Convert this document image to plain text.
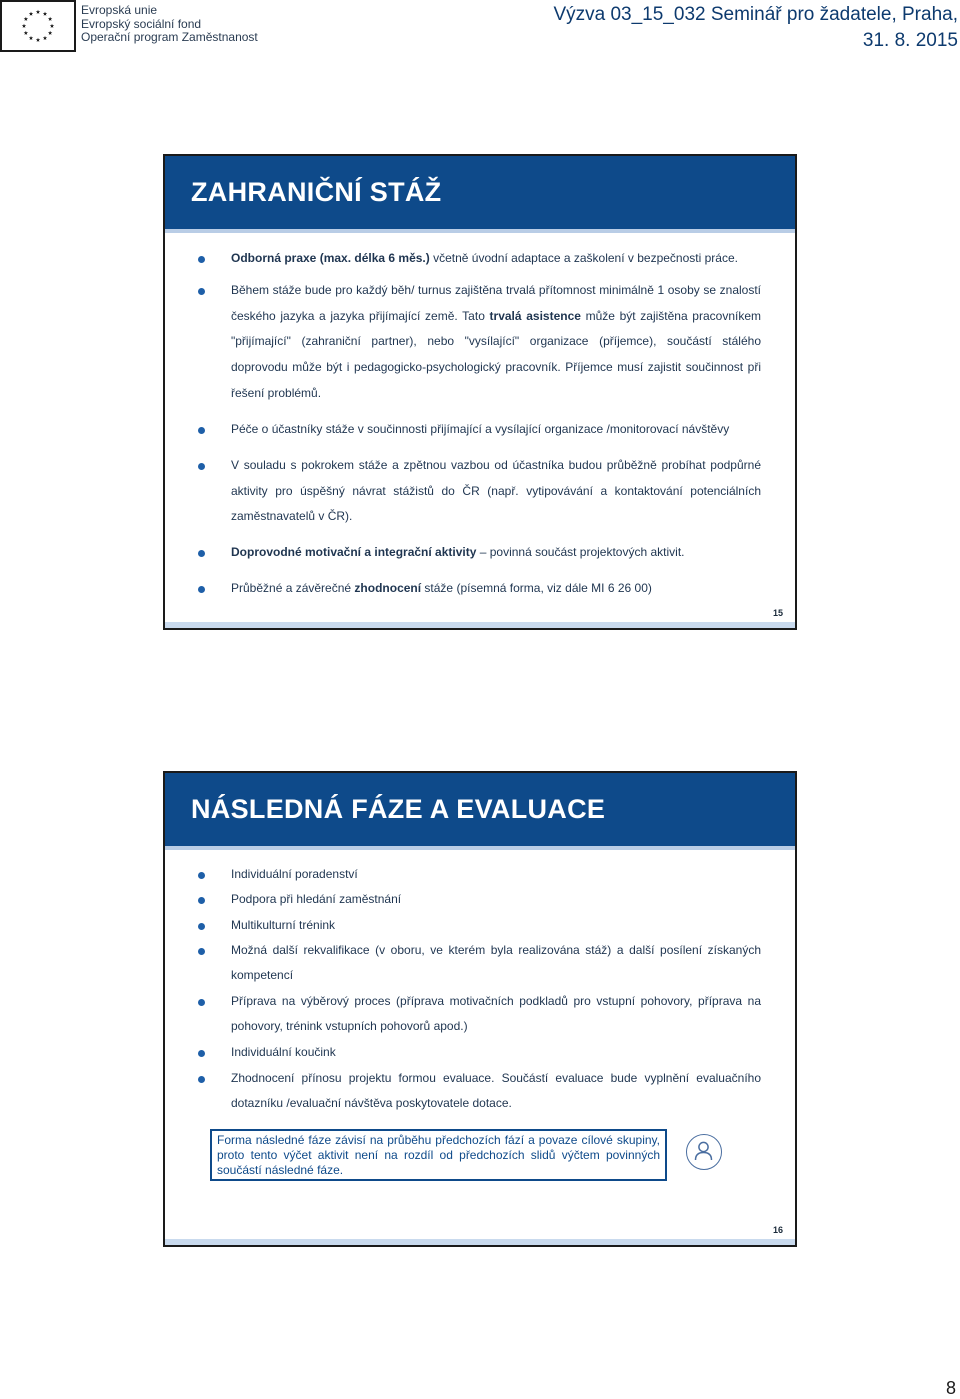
Evropská unie
Evropský sociální fond
Operační program Zaměstnanost
Výzva 03_15_032 Seminář pro žadatele, Praha,
31. 8. 2015
ZAHRANIČNÍ STÁŽ
Odborná praxe (max. délka 6 měs.) včetně úvodní adaptace a zaškolení v bezpečnosti práce.
Během stáže bude pro každý běh/ turnus zajištěna trvalá přítomnost minimálně 1 osoby se znalostí českého jazyka a jazyka přijímající země. Tato trvalá asistence může být zajištěna pracovníkem "přijímající" (zahraniční partner), nebo "vysílající" organizace (příjemce), součástí stálého doprovodu může být i pedagogicko-psychologický pracovník. Příjemce musí zajistit součinnost při řešení problémů.
Péče o účastníky stáže v součinnosti přijímající a vysílající organizace /monitorovací návštěvy
V souladu s pokrokem stáže a zpětnou vazbou od účastníka budou průběžně probíhat podpůrné aktivity pro úspěšný návrat stážistů do ČR (např. vytipovávání a kontaktování potenciálních zaměstnavatelů v ČR).
Doprovodné motivační a integrační aktivity – povinná součást projektových aktivit.
Průběžné a závěrečné zhodnocení stáže (písemná forma, viz dále MI 6 26 00)
15
NÁSLEDNÁ FÁZE A EVALUACE
Individuální poradenství
Podpora při hledání zaměstnání
Multikulturní trénink
Možná další rekvalifikace (v oboru, ve kterém byla realizována stáž) a další posílení získaných kompetencí
Příprava na výběrový proces (příprava motivačních podkladů pro vstupní pohovory, příprava na pohovory, trénink vstupních pohovorů apod.)
Individuální koučink
Zhodnocení přínosu projektu formou evaluace. Součástí evaluace bude vyplnění evaluačního dotazníku /evaluační návštěva poskytovatele dotace.
Forma následné fáze závisí na průběhu předchozích fází a povaze cílové skupiny, proto tento výčet aktivit není na rozdíl od předchozích slidů výčtem povinných součástí následné fáze.
16
8
